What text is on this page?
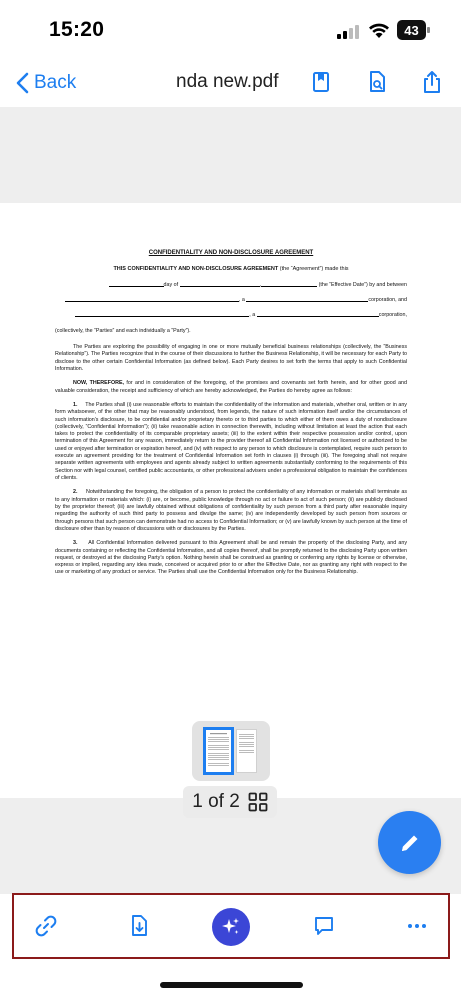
15:20	43
Back	nda new.pdf
CONFIDENTIALITY AND NON-DISCLOSURE AGREEMENT
THIS CONFIDENTIALITY AND NON-DISCLOSURE AGREEMENT (the “Agreement”) made this
day of
	,
	(the “Effective Date”) by and between
, a
	corporation, and
, a
	corporation,
(collectively, the “Parties” and each individually a “Party”).
The Parties are exploring the possibility of engaging in one or more mutually beneficial business relationships (collectively, the “Business Relationship”). The Parties recognize that in the course of their discussions to further the Business Relationship, it will be necessary for each Party to disclose to the other certain Confidential Information (as defined below). Each Party desires to set forth the terms that apply to such Confidential Information.
NOW, THEREFORE, for and in consideration of the foregoing, of the promises and covenants set forth herein, and for other good and valuable consideration, the receipt and sufficiency of which are hereby acknowledged, the Parties do hereby agree as follows:
1. The Parties shall (i) use reasonable efforts to maintain the confidentiality of the information and materials, whether oral, written or in any form whatsoever, of the other that may be reasonably understood, from legends, the nature of such information itself and/or the circumstances of such information’s disclosure, to be confidential and/or proprietary thereto or to third parties to which either of them owes a duty of nondisclosure (collectively, “Confidential Information”); (ii) take reasonable action in connection therewith, including without limitation at least the action that each takes to protect the confidentiality of its comparable proprietary assets; (iii) to the extent within their respective possession and/or control, upon termination of this Agreement for any reason, immediately return to the provider thereof all Confidential Information not licensed or authorized to be used or enjoyed after termination or expiration hereof, and (iv) with respect to any person to which disclosure is contemplated, require such person to execute an agreement providing for the treatment of Confidential Information set forth in clauses (i) through (iii). The foregoing shall not require separate written agreements with employees and agents already subject to written agreements substantially conforming to the requirements of this Section nor with legal counsel, certified public accountants, or other professional advisers under a professional obligation to maintain the confidences of clients.
2. Notwithstanding the foregoing, the obligation of a person to protect the confidentiality of any information or materials shall terminate as to any information or materials which: (i) are, or become, public knowledge through no act or failure to act of such person; (ii) are publicly disclosed by the proprietor thereof; (iii) are lawfully obtained without obligations of confidentiality by such person from a third party after reasonable inquiry regarding the authority of such third party to possess and divulge the same; (iv) are independently developed by such person from sources or through persons that such person can demonstrate had no access to Confidential Information; or (v) are lawfully known by such person at the time of disclosure other than by reason of discussions with or disclosures by the Parties.
3. All Confidential Information delivered pursuant to this Agreement shall be and remain the property of the disclosing Party, and any documents containing or reflecting the Confidential Information, and all copies thereof, shall be promptly returned to the disclosing Party upon written request, or destroyed at the disclosing Party’s option. Nothing herein shall be construed as granting or conferring any rights by license or otherwise, express or implied, regarding any idea made, conceived or acquired prior to or after the Effective Date, nor as granting any right with respect to the use or marketing of any product or service. The Parties shall use the Confidential Information only for the Business Relationship.
1 of 2
